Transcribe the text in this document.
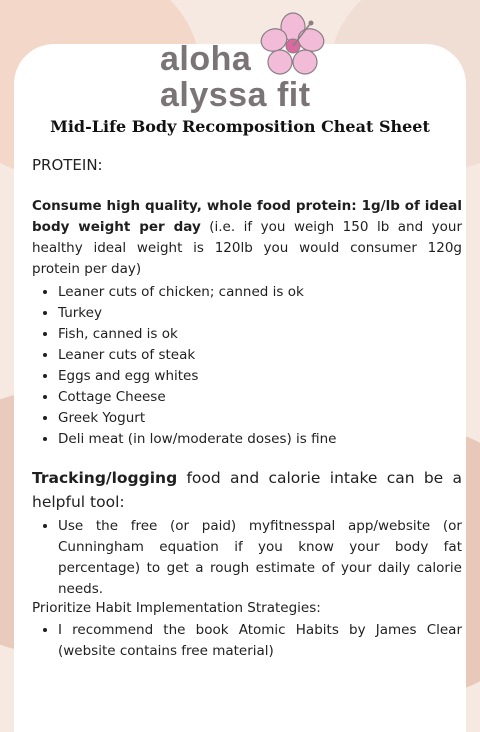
aloha
alyssa fit
Mid-Life Body Recomposition Cheat Sheet
PROTEIN:
Consume high quality, whole food protein: 1g/lb of ideal body weight per day (i.e. if you weigh 150 lb and your healthy ideal weight is 120lb you would consumer 120g protein per day)
• Leaner cuts of chicken; canned is ok
• Turkey
• Fish, canned is ok
• Leaner cuts of steak
• Eggs and egg whites
• Cottage Cheese
• Greek Yogurt
• Deli meat (in low/moderate doses) is fine
Tracking/logging food and calorie intake can be a helpful tool:
• Use the free (or paid) myfitnesspal app/website (or Cunningham equation if you know your body fat percentage) to get a rough estimate of your daily calorie needs.
Prioritize Habit Implementation Strategies:
• I recommend the book Atomic Habits by James Clear (website contains free material)
